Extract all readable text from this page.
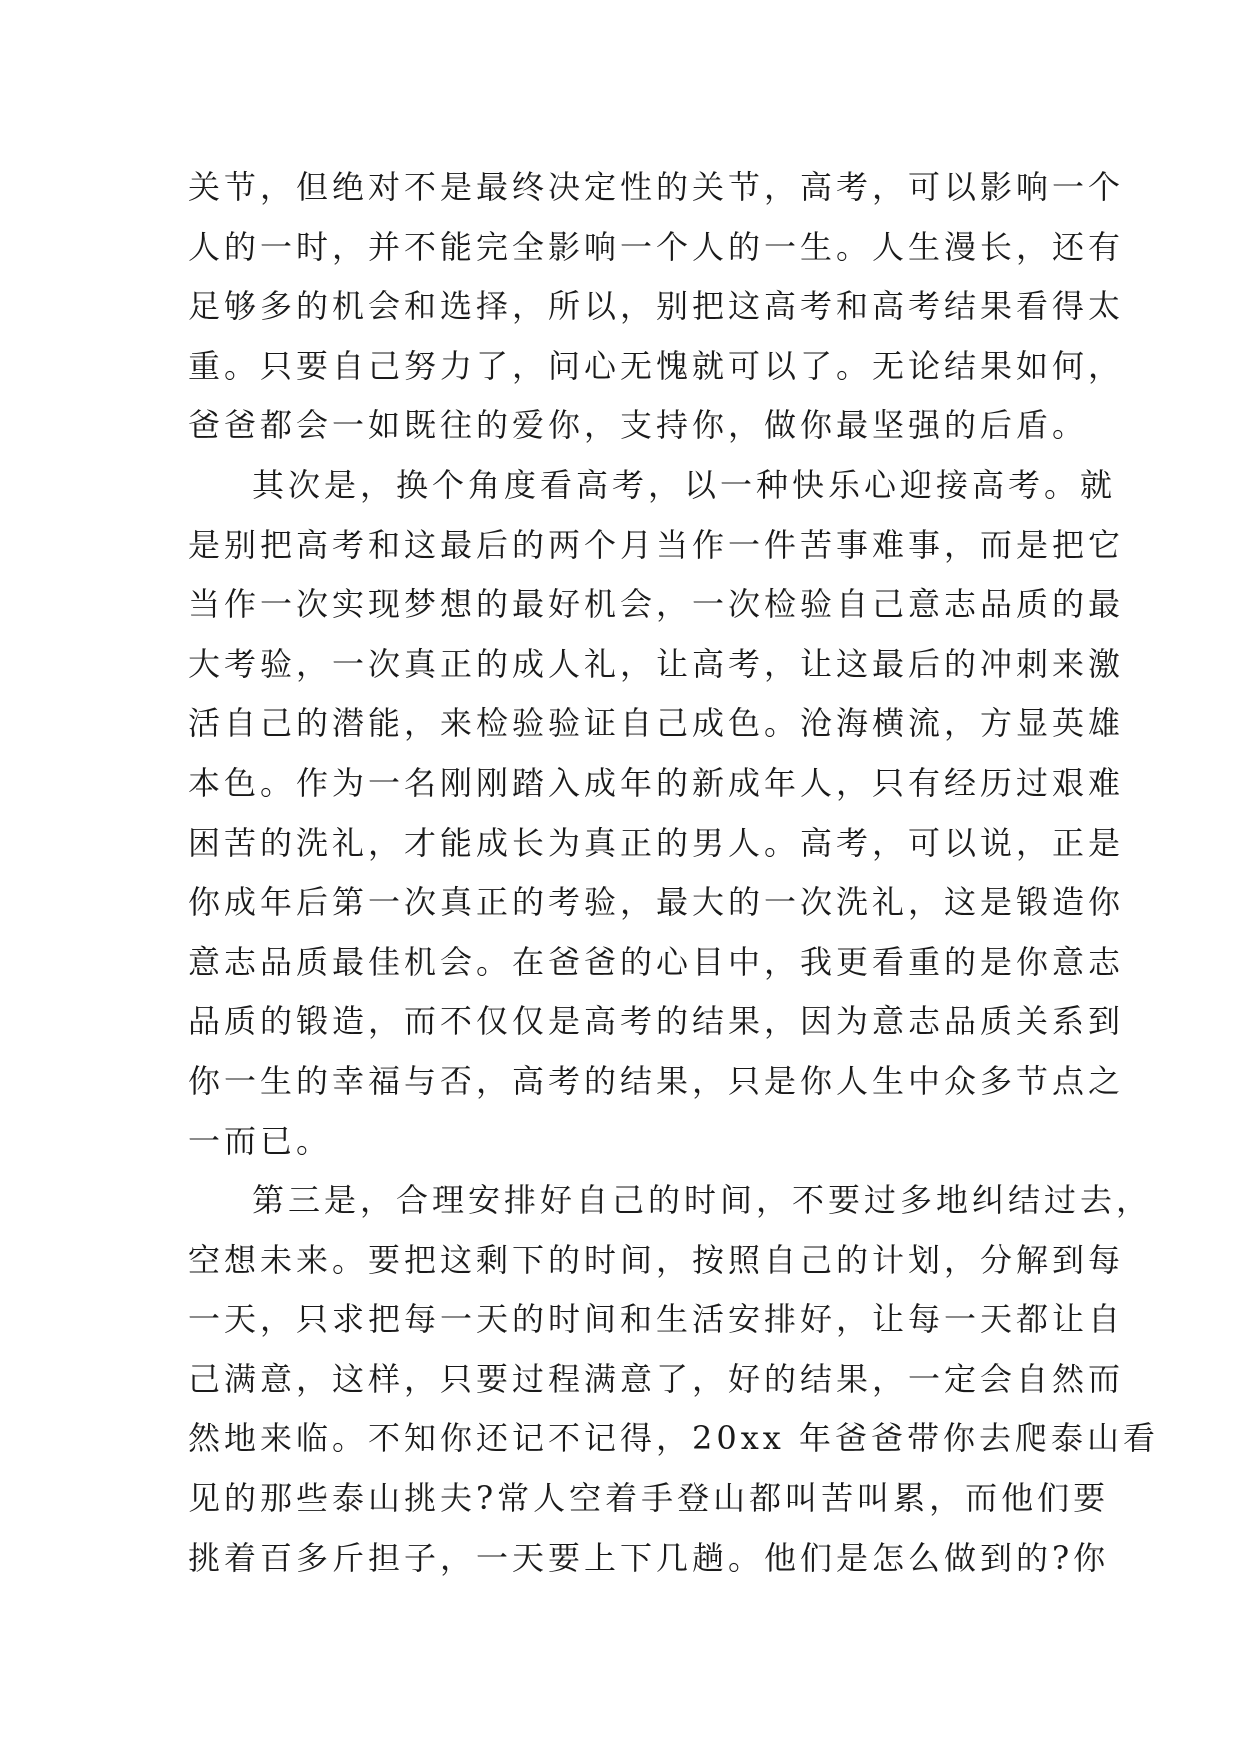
关节，但绝对不是最终决定性的关节，高考，可以影响一个
人的一时，并不能完全影响一个人的一生。人生漫长，还有
足够多的机会和选择，所以，别把这高考和高考结果看得太
重。只要自己努力了，问心无愧就可以了。无论结果如何，
爸爸都会一如既往的爱你，支持你，做你最坚强的后盾。
其次是，换个角度看高考，以一种快乐心迎接高考。就
是别把高考和这最后的两个月当作一件苦事难事，而是把它
当作一次实现梦想的最好机会，一次检验自己意志品质的最
大考验，一次真正的成人礼，让高考，让这最后的冲刺来激
活自己的潜能，来检验验证自己成色。沧海横流，方显英雄
本色。作为一名刚刚踏入成年的新成年人，只有经历过艰难
困苦的洗礼，才能成长为真正的男人。高考，可以说，正是
你成年后第一次真正的考验，最大的一次洗礼，这是锻造你
意志品质最佳机会。在爸爸的心目中，我更看重的是你意志
品质的锻造，而不仅仅是高考的结果，因为意志品质关系到
你一生的幸福与否，高考的结果，只是你人生中众多节点之
一而已。
第三是，合理安排好自己的时间，不要过多地纠结过去，
空想未来。要把这剩下的时间，按照自己的计划，分解到每
一天，只求把每一天的时间和生活安排好，让每一天都让自
己满意，这样，只要过程满意了，好的结果，一定会自然而
然地来临。不知你还记不记得，20xx 年爸爸带你去爬泰山看
见的那些泰山挑夫?常人空着手登山都叫苦叫累，而他们要
挑着百多斤担子，一天要上下几趟。他们是怎么做到的?你
